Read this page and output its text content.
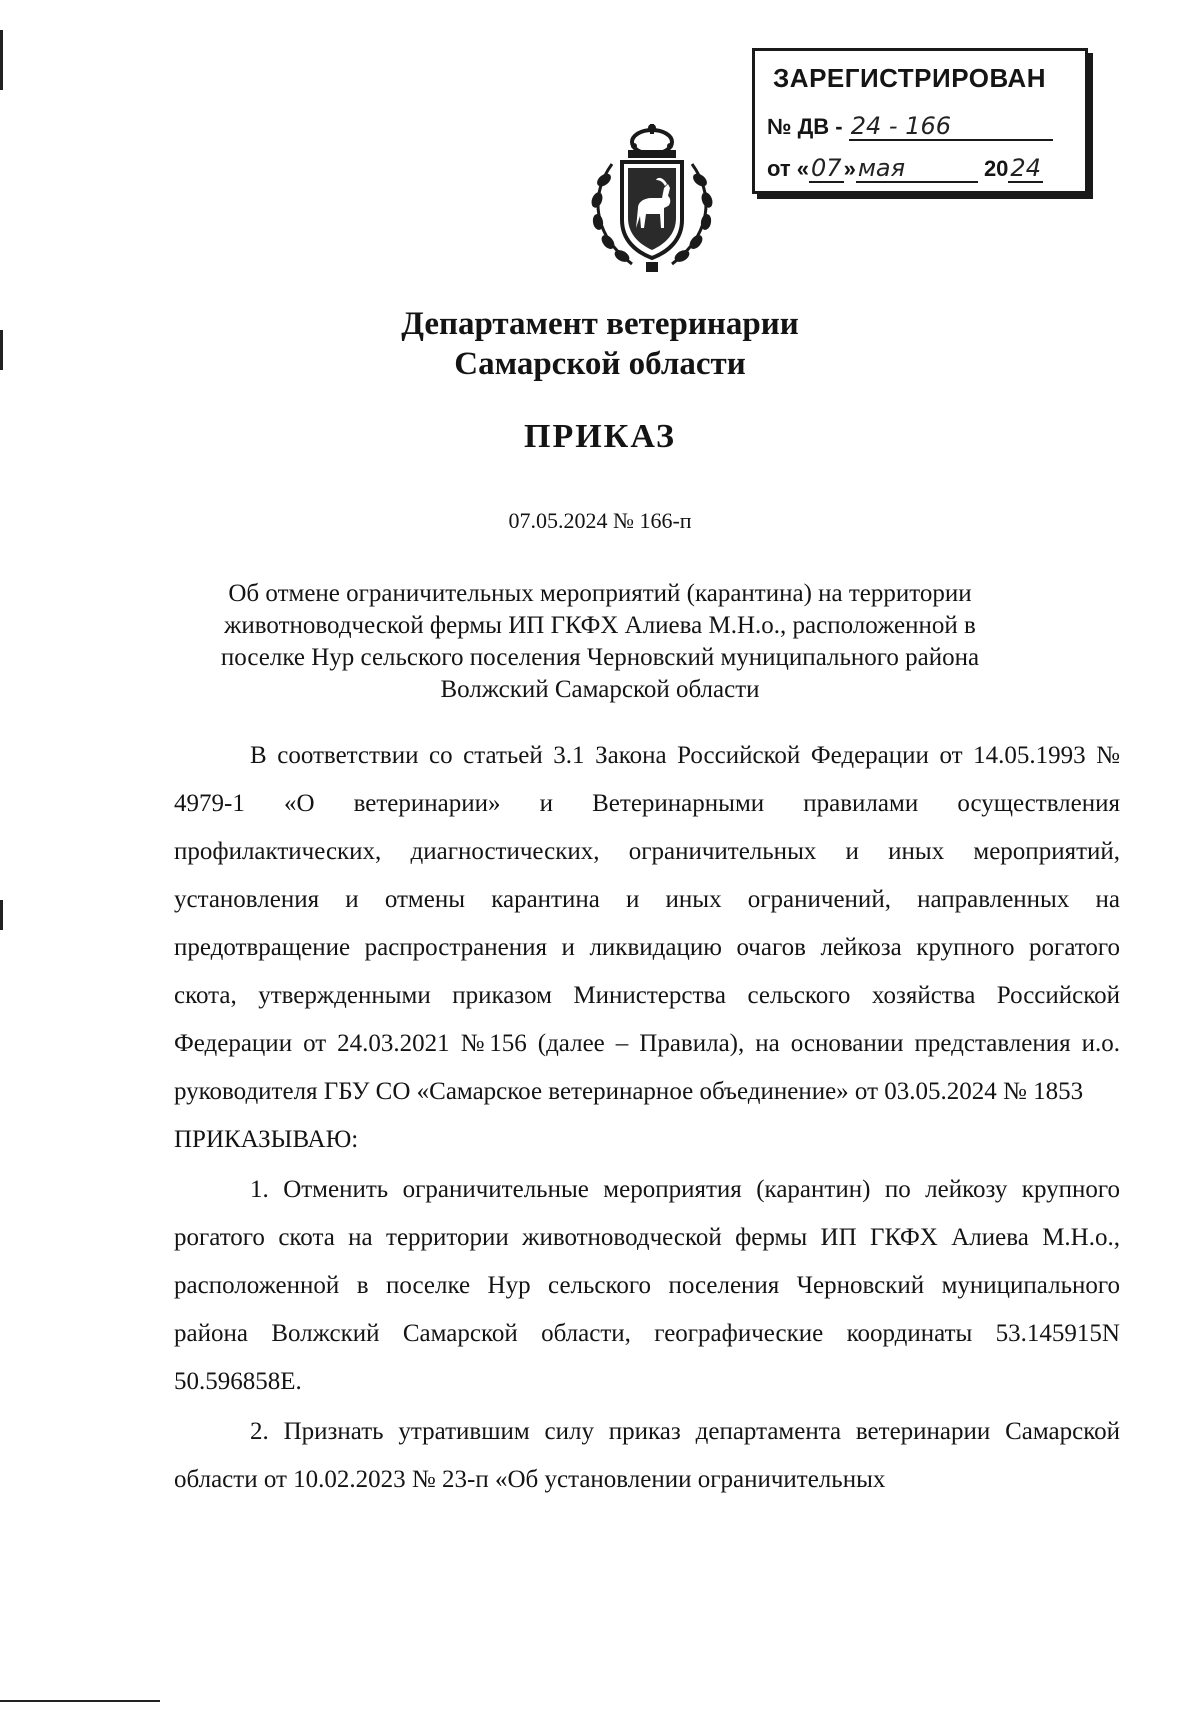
ЗАРЕГИСТРИРОВАН
№ ДВ - 24 - 166
от «07»мая	2024
Департамент ветеринарии
Самарской области
ПРИКАЗ
07.05.2024 № 166-п
Об отмене ограничительных мероприятий (карантина) на территории
животноводческой фермы ИП ГКФХ Алиева М.Н.о., расположенной в
поселке Нур сельского поселения Черновский муниципального района
Волжский Самарской области

В соответствии со статьей 3.1 Закона Российской Федерации от 14.05.1993 № 4979-1 «О ветеринарии» и Ветеринарными правилами осуществления профилактических, диагностических, ограничительных и иных мероприятий, установления и отмены карантина и иных ограничений, направленных на предотвращение распространения и ликвидацию очагов лейкоза крупного рогатого скота, утвержденными приказом Министерства сельского хозяйства Российской Федерации от 24.03.2021 №156 (далее – Правила), на основании представления и.о. руководителя ГБУ СО «Самарское ветеринарное объединение» от 03.05.2024 № 1853

ПРИКАЗЫВАЮ:

1. Отменить ограничительные мероприятия (карантин) по лейкозу крупного рогатого скота на территории животноводческой фермы ИП ГКФХ Алиева М.Н.о., расположенной в поселке Нур сельского поселения Черновский муниципального района Волжский Самарской области, географические координаты 53.145915N 50.596858E.

2. Признать утратившим силу приказ департамента ветеринарии Самарской области от 10.02.2023 № 23-п «Об установлении ограничительных
